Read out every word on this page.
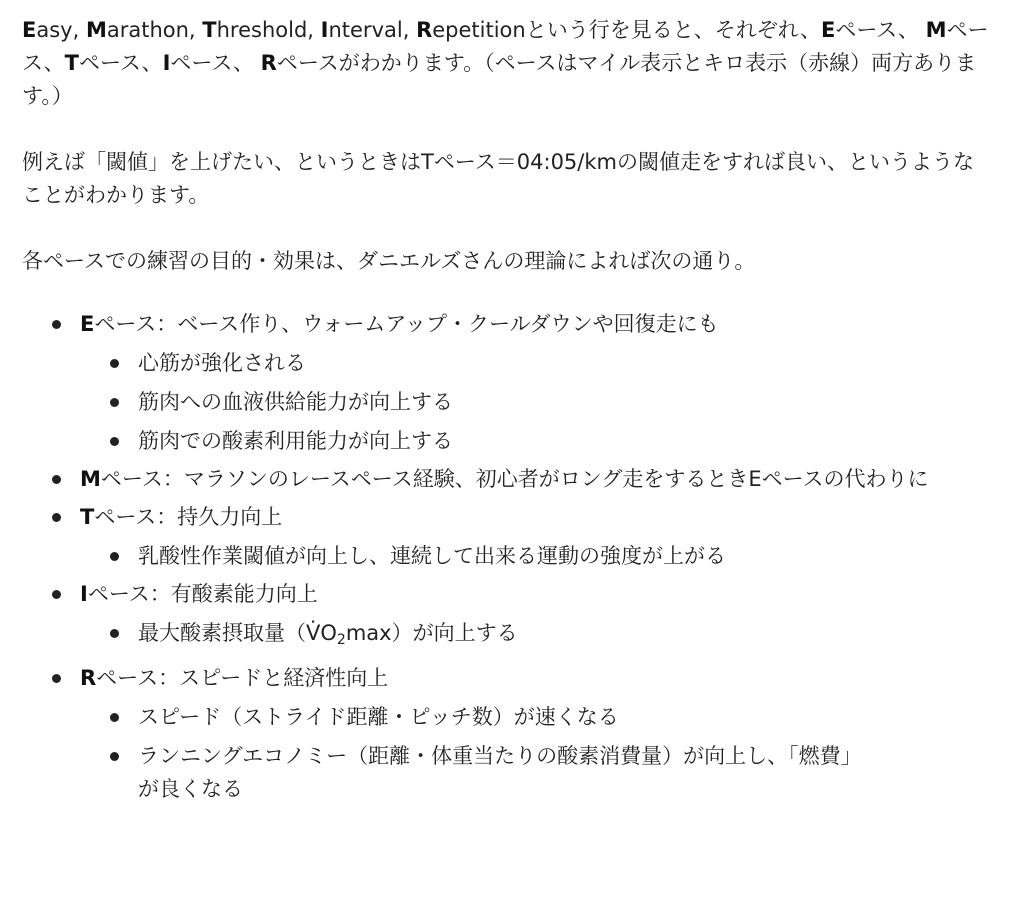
Easy, Marathon, Threshold, Interval, Repetitionという行を見ると、それぞれ、Eペース、 Mペース、Tペース、Iペース、 Rペースがわかります。（ペースはマイル表示とキロ表示（赤線）両方あります。）

例えば「閾値」を上げたい、というときはTペース＝04:05/kmの閾値走をすれば良い、というようなことがわかります。

各ペースでの練習の目的・効果は、ダニエルズさんの理論によれば次の通り。

Eペース：ベース作り、ウォームアップ・クールダウンや回復走にも
心筋が強化される
筋肉への血液供給能力が向上する
筋肉での酸素利用能力が向上する
Mペース：マラソンのレースペース経験、初心者がロング走をするときEペースの代わりに
Tペース：持久力向上
乳酸性作業閾値が向上し、連続して出来る運動の強度が上がる
Iペース：有酸素能力向上
最大酸素摂取量$(V̇O_2\max)$が向上する
Rペース：スピードと経済性向上
スピード（ストライド距離・ピッチ数）が速くなる
ランニングエコノミー（距離・体重当たりの酸素消費量）が向上し、「燃費」が良くなる
